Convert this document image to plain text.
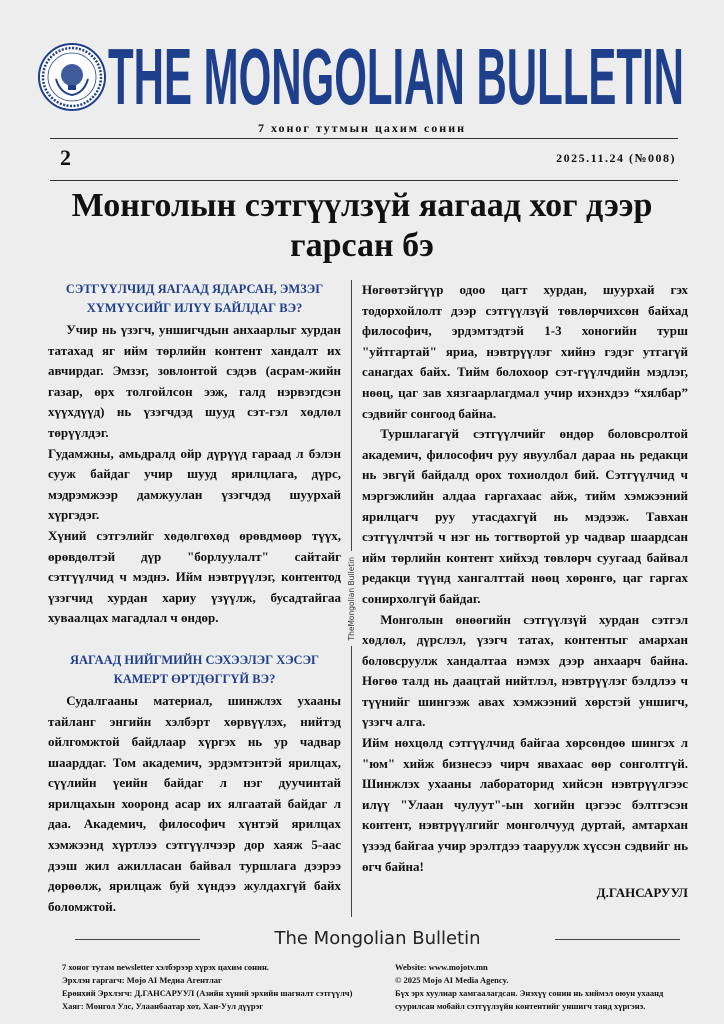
THE MONGOLIAN BULLETIN
7 хоног тутмын цахим сонин
2	2025.11.24 (№008)
Монголын сэтгүүлзүй яагаад хог дээр гарсан бэ
СЭТГҮҮЛЧИД ЯАГААД ЯДАРСАН, ЭМЗЭГ ХҮМҮҮСИЙГ ИЛҮҮ БАЙЛДАГ ВЭ?

Учир нь үзэгч, уншигчдын анхаарлыг хурдан татахад яг ийм төрлийн контент хандалт их авчирдаг. Эмзэг, зовлонтой сэдэв (асрам-жийн газар, өрх толгойлсон ээж, галд нэрвэгдсэн хүүхдүүд) нь үзэгчдэд шууд сэт-гэл хөдлөл төрүүлдэг.

Гудамжны, амьдралд ойр дүрүүд гараад л бэлэн сууж байдаг учир шууд ярилцлага, дүрс, мэдрэмжээр дамжуулан үзэгчдэд шуурхай хүргэдэг.

Хүний сэтгэлийг хөдөлгөхөд өрөвдмөөр түүх, өрөвдөлтэй дүр "борлуулалт" сайтайг сэтгүүлчид ч мэднэ. Ийм нэвтрүүлэг, контентод үзэгчид хурдан хариу үзүүлж, бусадтайгаа хуваалцах магадлал ч өндөр.

ЯАГААД НИЙГМИЙН СЭХЭЭЛЭГ ХЭСЭГ КАМЕРТ ӨРТДӨГГҮЙ ВЭ?

Судалгааны материал, шинжлэх ухааны тайланг энгийн хэлбэрт хөрвүүлэх, нийтэд ойлгомжтой байдлаар хүргэх нь ур чадвар шаарддаг. Том академич, эрдэмтэнтэй ярилцах, сүүлийн үеийн байдаг л нэг дуучинтай ярилцахын хооронд асар их ялгаатай байдаг л даа. Академич, философич хүнтэй ярилцах хэмжээнд хүртлээ сэтгүүлчээр дор хаяж 5-аас дээш жил ажилласан байвал туршлага дээрээ дөрөөлж, ярилцаж буй хүндээ жулдахгүй байх боломжтой.

TheMongolian Bulletin

Нөгөөтэйгүүр одоо цагт хурдан, шуурхай гэх тодорхойлолт дээр сэтгүүлзүй төвлөрчихсөн байхад философич, эрдэмтэдтэй 1-3 хоногийн турш "уйтгартай" яриа, нэвтрүүлэг хийнэ гэдэг утгагүй санагдах байх. Тийм болохоор сэт-гүүлчдийн мэдлэг, нөөц, цаг зав хязгаарлагдмал учир ихэнхдээ “хялбар” сэдвийг сонгоод байна.

Туршлагагүй сэтгүүлчийг өндөр боловсролтой академич, философич руу явуулбал дараа нь редакци нь эвгүй байдалд орох тохиолдол бий. Сэтгүүлчид ч мэргэжлийн алдаа гаргахаас айж, тийм хэмжээний ярилцагч руу утасдахгүй нь мэдээж. Тавхан сэтгүүлчтэй ч нэг нь тогтвортой ур чадвар шаардсан ийм төрлийн контент хийхэд төвлөрч суугаад байвал редакци түүнд хангалттай нөөц хөрөнгө, цаг гаргах сонирхолгүй байдаг.

Монголын өнөөгийн сэтгүүлзүй хурдан сэтгэл хөдлөл, дүрслэл, үзэгч татах, контентыг амархан боловсруулж хандалтаа нэмэх дээр анхаарч байна. Нөгөө талд нь даацтай нийтлэл, нэвтрүүлэг бэлдлээ ч түүнийг шингээж авах хэмжээний хөрстэй уншигч, үзэгч алга.

Ийм нөхцөлд сэтгүүлчид байгаа хөрсөндөө шингэх л "юм" хийж бизнесээ чирч явахаас өөр сонголтгүй. Шинжлэх ухааны лабораторид хийсэн нэвтрүүлгээс илүү "Улаан чулуут"-ын хогийн цэгээс бэлтгэсэн контент, нэвтрүүлгийг монголчууд дуртай, амтархан үзээд байгаа учир эрэлтдээ тааруулж хүссэн сэдвийг нь өгч байна!

Д.ГАНСАРУУЛ

The Mongolian Bulletin
7 хоног тутам newsletter хэлбэрээр хүрэх цахим сонин.
Эрхлэн гаргагч: Mojo AI Медиа Агентлаг
Ерөнхий Эрхлэгч: Д.ГАНСАРУУЛ (Азийн хүний эрхийн шагналт сэтгүүлч)
Хаяг: Монгол Улс, Улаанбаатар хот, Хан-Уул дүүрэг
Website: www.mojotv.mn
© 2025 Mojo AI Media Agency.
Бүх эрх хуулиар хамгаалагдсан. Энэхүү сонин нь хиймэл оюун ухаанд суурилсан мобайл сэтгүүлзүйн контентийг уншигч танд хүргэнэ.
